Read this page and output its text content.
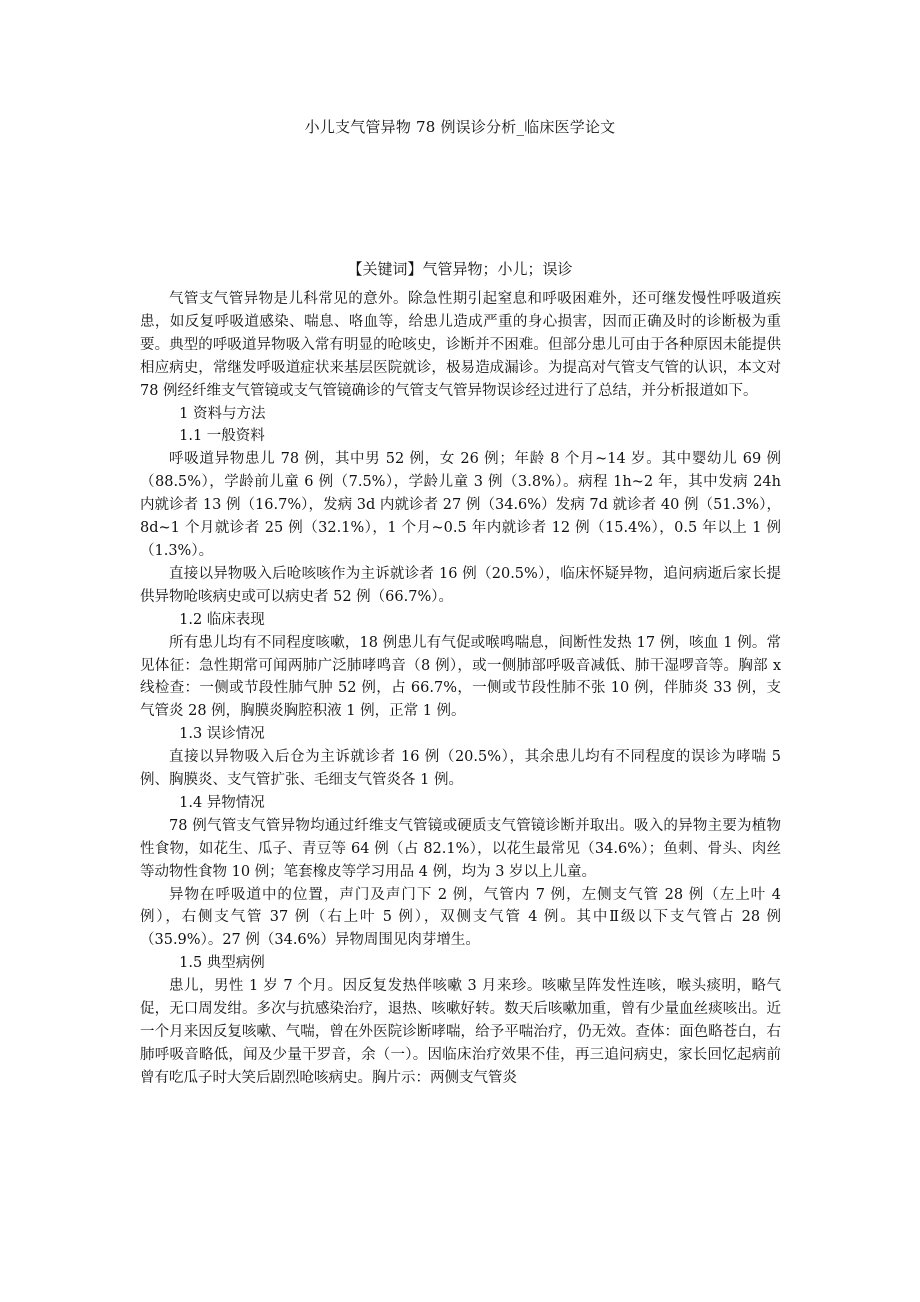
小儿支气管异物 78 例误诊分析_临床医学论文

【关键词】气管异物；小儿；误诊

气管支气管异物是儿科常见的意外。除急性期引起窒息和呼吸困难外，还可继发慢性呼吸道疾患，如反复呼吸道感染、喘息、咯血等，给患儿造成严重的身心损害，因而正确及时的诊断极为重要。典型的呼吸道异物吸入常有明显的呛咳史，诊断并不困难。但部分患儿可由于各种原因未能提供相应病史，常继发呼吸道症状来基层医院就诊，极易造成漏诊。为提高对气管支气管的认识，本文对 78 例经纤维支气管镜或支气管镜确诊的气管支气管异物误诊经过进行了总结，并分析报道如下。

1 资料与方法

1.1 一般资料

呼吸道异物患儿 78 例，其中男 52 例，女 26 例；年龄 8 个月~14 岁。其中婴幼儿 69 例（88.5%），学龄前儿童 6 例（7.5%），学龄儿童 3 例（3.8%）。病程 1h~2 年，其中发病 24h 内就诊者 13 例（16.7%），发病 3d 内就诊者 27 例（34.6%）发病 7d 就诊者 40 例（51.3%），8d~1 个月就诊者 25 例（32.1%），1 个月~0.5 年内就诊者 12 例（15.4%），0.5 年以上 1 例（1.3%）。

直接以异物吸入后呛咳咳作为主诉就诊者 16 例（20.5%），临床怀疑异物，追问病逝后家长提供异物呛咳病史或可以病史者 52 例（66.7%）。

1.2 临床表现

所有患儿均有不同程度咳嗽，18 例患儿有气促或喉鸣喘息，间断性发热 17 例，咳血 1 例。常见体征：急性期常可闻两肺广泛肺哮鸣音（8 例），或一侧肺部呼吸音减低、肺干湿啰音等。胸部 x 线检查：一侧或节段性肺气肿 52 例，占 66.7%，一侧或节段性肺不张 10 例，伴肺炎 33 例，支气管炎 28 例，胸膜炎胸腔积液 1 例，正常 1 例。

1.3 误诊情况

直接以异物吸入后仓为主诉就诊者 16 例（20.5%），其余患儿均有不同程度的误诊为哮喘 5 例、胸膜炎、支气管扩张、毛细支气管炎各 1 例。

1.4 异物情况

78 例气管支气管异物均通过纤维支气管镜或硬质支气管镜诊断并取出。吸入的异物主要为植物性食物，如花生、瓜子、青豆等 64 例（占 82.1%），以花生最常见（34.6%）；鱼刺、骨头、肉丝等动物性食物 10 例；笔套橡皮等学习用品 4 例，均为 3 岁以上儿童。

异物在呼吸道中的位置，声门及声门下 2 例，气管内 7 例，左侧支气管 28 例（左上叶 4 例），右侧支气管 37 例（右上叶 5 例），双侧支气管 4 例。其中Ⅱ级以下支气管占 28 例（35.9%）。27 例（34.6%）异物周围见肉芽增生。

1.5 典型病例

患儿，男性 1 岁 7 个月。因反复发热伴咳嗽 3 月来珍。咳嗽呈阵发性连咳，喉头痰明，略气促，无口周发绀。多次与抗感染治疗，退热、咳嗽好转。数天后咳嗽加重，曾有少量血丝痰咳出。近一个月来因反复咳嗽、气喘，曾在外医院诊断哮喘，给予平喘治疗，仍无效。查体：面色略苍白，右肺呼吸音略低，闻及少量干罗音，余（一）。因临床治疗效果不佳，再三追问病史，家长回忆起病前曾有吃瓜子时大笑后剧烈呛咳病史。胸片示：两侧支气管炎
